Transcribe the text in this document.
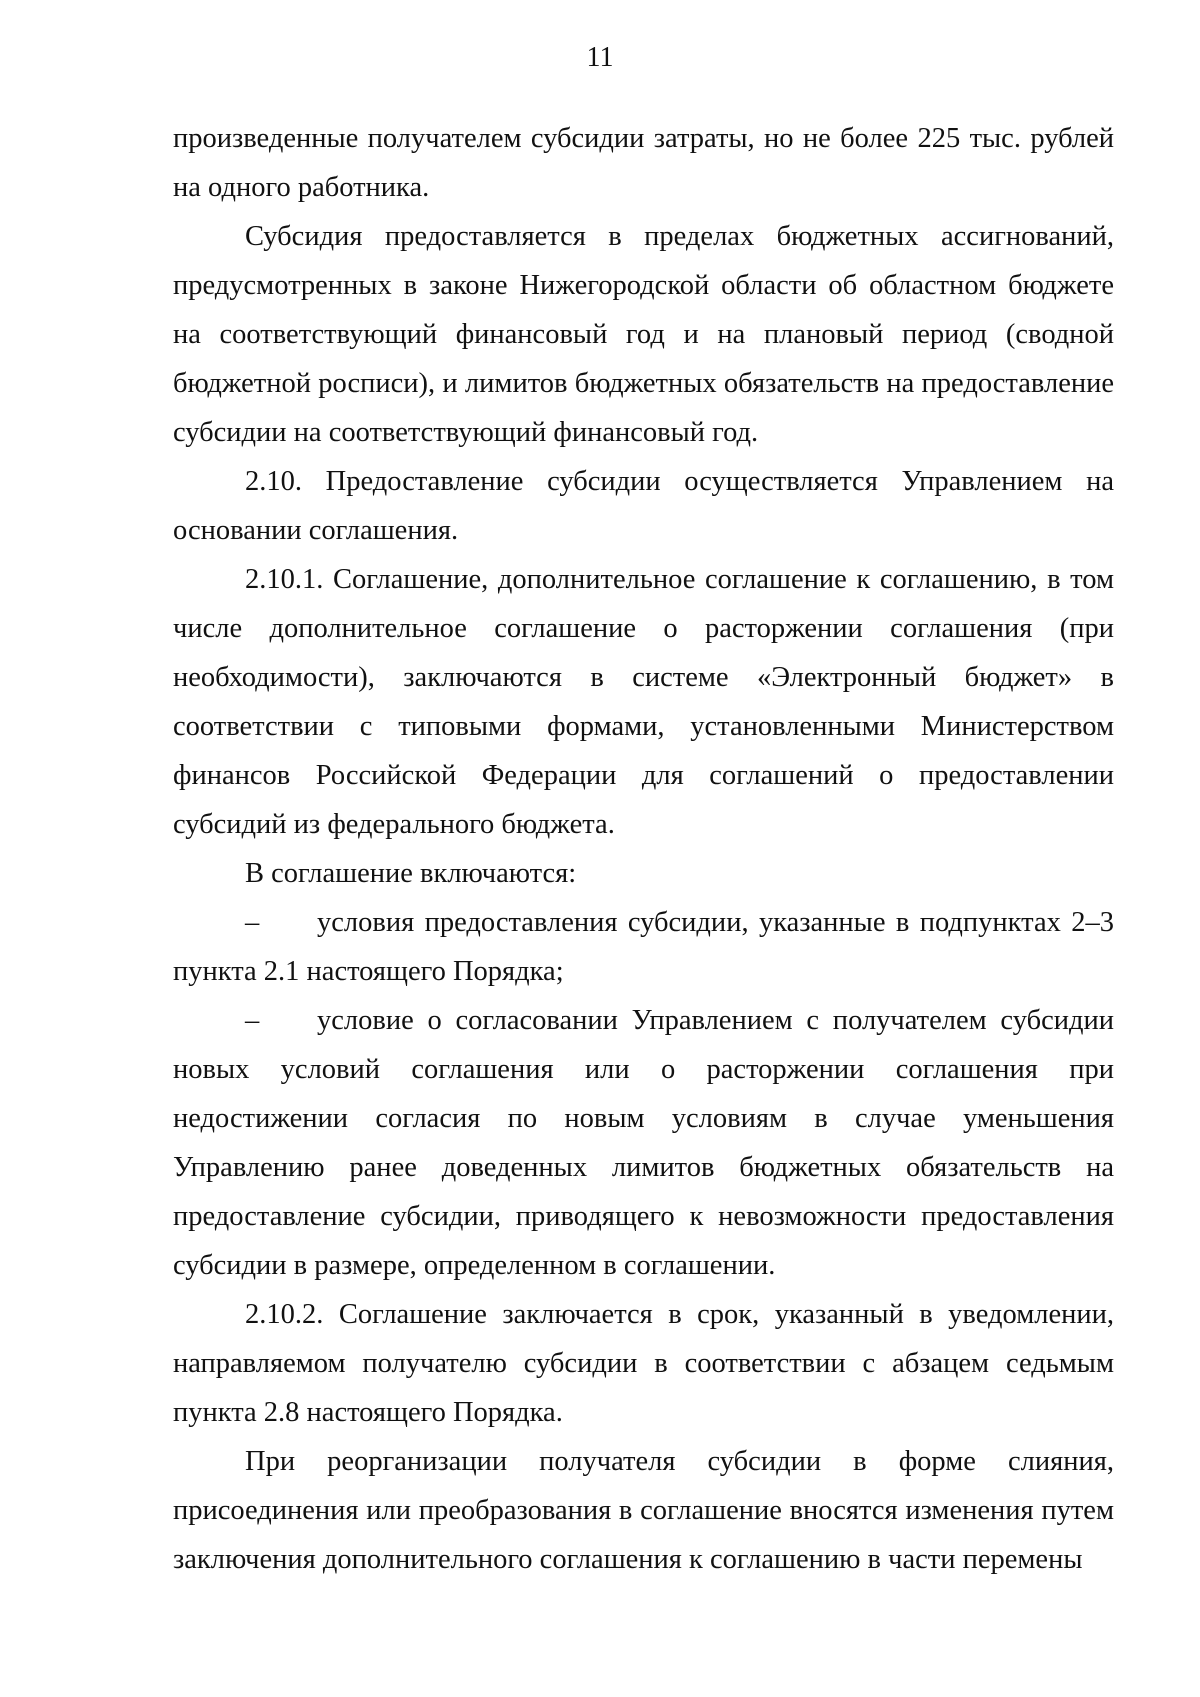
11

произведенные получателем субсидии затраты, но не более 225 тыс. рублей на одного работника.

Субсидия предоставляется в пределах бюджетных ассигнований, предусмотренных в законе Нижегородской области об областном бюджете на соответствующий финансовый год и на плановый период (сводной бюджетной росписи), и лимитов бюджетных обязательств на предоставление субсидии на соответствующий финансовый год.

2.10. Предоставление субсидии осуществляется Управлением на основании соглашения.

2.10.1. Соглашение, дополнительное соглашение к соглашению, в том числе дополнительное соглашение о расторжении соглашения (при необходимости), заключаются в системе «Электронный бюджет» в соответствии с типовыми формами, установленными Министерством финансов Российской Федерации для соглашений о предоставлении субсидий из федерального бюджета.

В соглашение включаются:

– условия предоставления субсидии, указанные в подпунктах 2–3 пункта 2.1 настоящего Порядка;

– условие о согласовании Управлением с получателем субсидии новых условий соглашения или о расторжении соглашения при недостижении согласия по новым условиям в случае уменьшения Управлению ранее доведенных лимитов бюджетных обязательств на предоставление субсидии, приводящего к невозможности предоставления субсидии в размере, определенном в соглашении.

2.10.2. Соглашение заключается в срок, указанный в уведомлении, направляемом получателю субсидии в соответствии с абзацем седьмым пункта 2.8 настоящего Порядка.

При реорганизации получателя субсидии в форме слияния, присоединения или преобразования в соглашение вносятся изменения путем заключения дополнительного соглашения к соглашению в части перемены
